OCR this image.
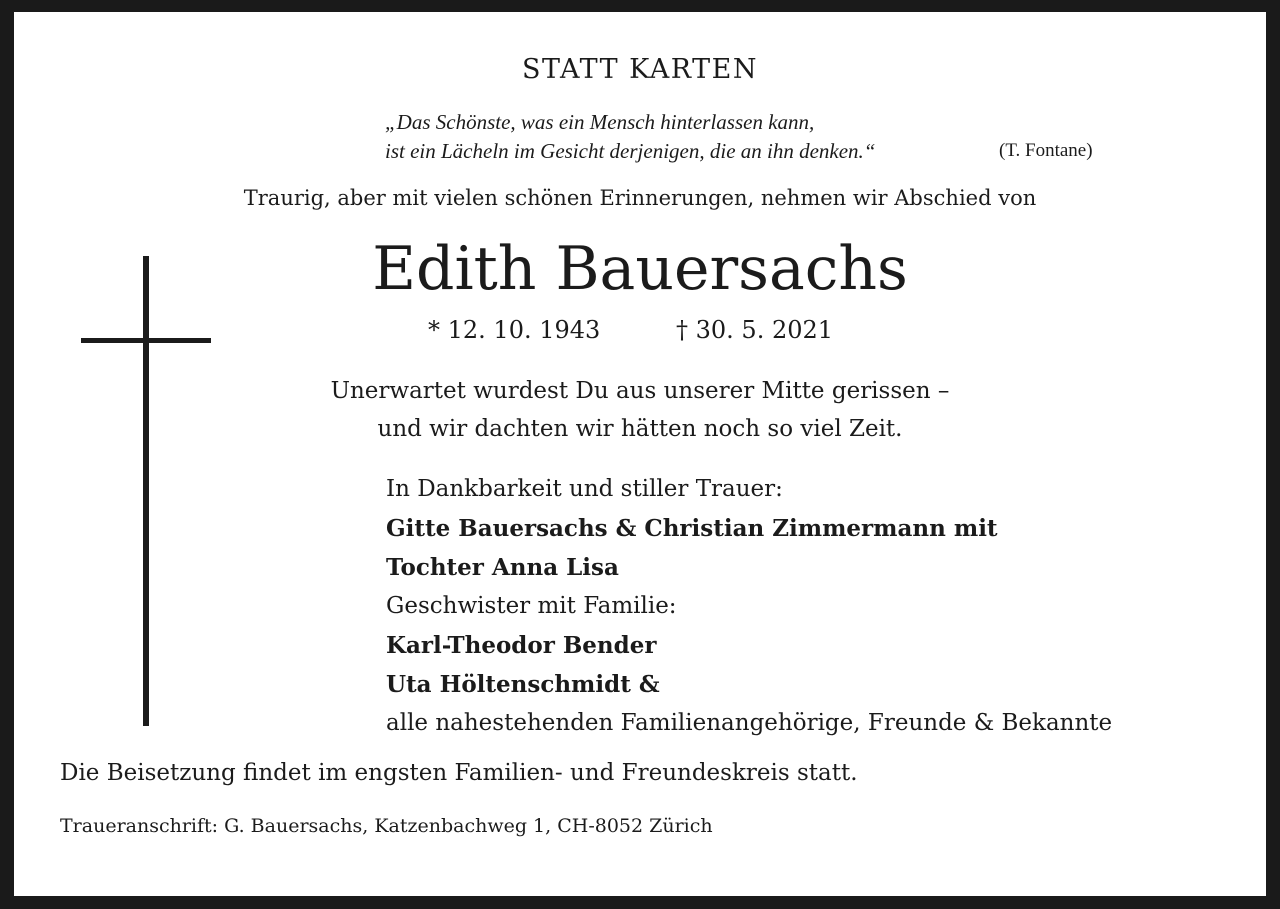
STATT KARTEN
„Das Schönste, was ein Mensch hinterlassen kann,
ist ein Lächeln im Gesicht derjenigen, die an ihn denken.“	(T. Fontane)
Traurig, aber mit vielen schönen Erinnerungen, nehmen wir Abschied von
Edith Bauersachs
* 12. 10. 1943	† 30. 5. 2021
Unerwartet wurdest Du aus unserer Mitte gerissen –
und wir dachten wir hätten noch so viel Zeit.
In Dankbarkeit und stiller Trauer:
Gitte Bauersachs & Christian Zimmermann mit
Tochter Anna Lisa
Geschwister mit Familie:
Karl-Theodor Bender
Uta Höltenschmidt &
alle nahestehenden Familienangehörige, Freunde & Bekannte
Die Beisetzung findet im engsten Familien- und Freundeskreis statt.
Traueranschrift: G. Bauersachs, Katzenbachweg 1, CH-8052 Zürich
